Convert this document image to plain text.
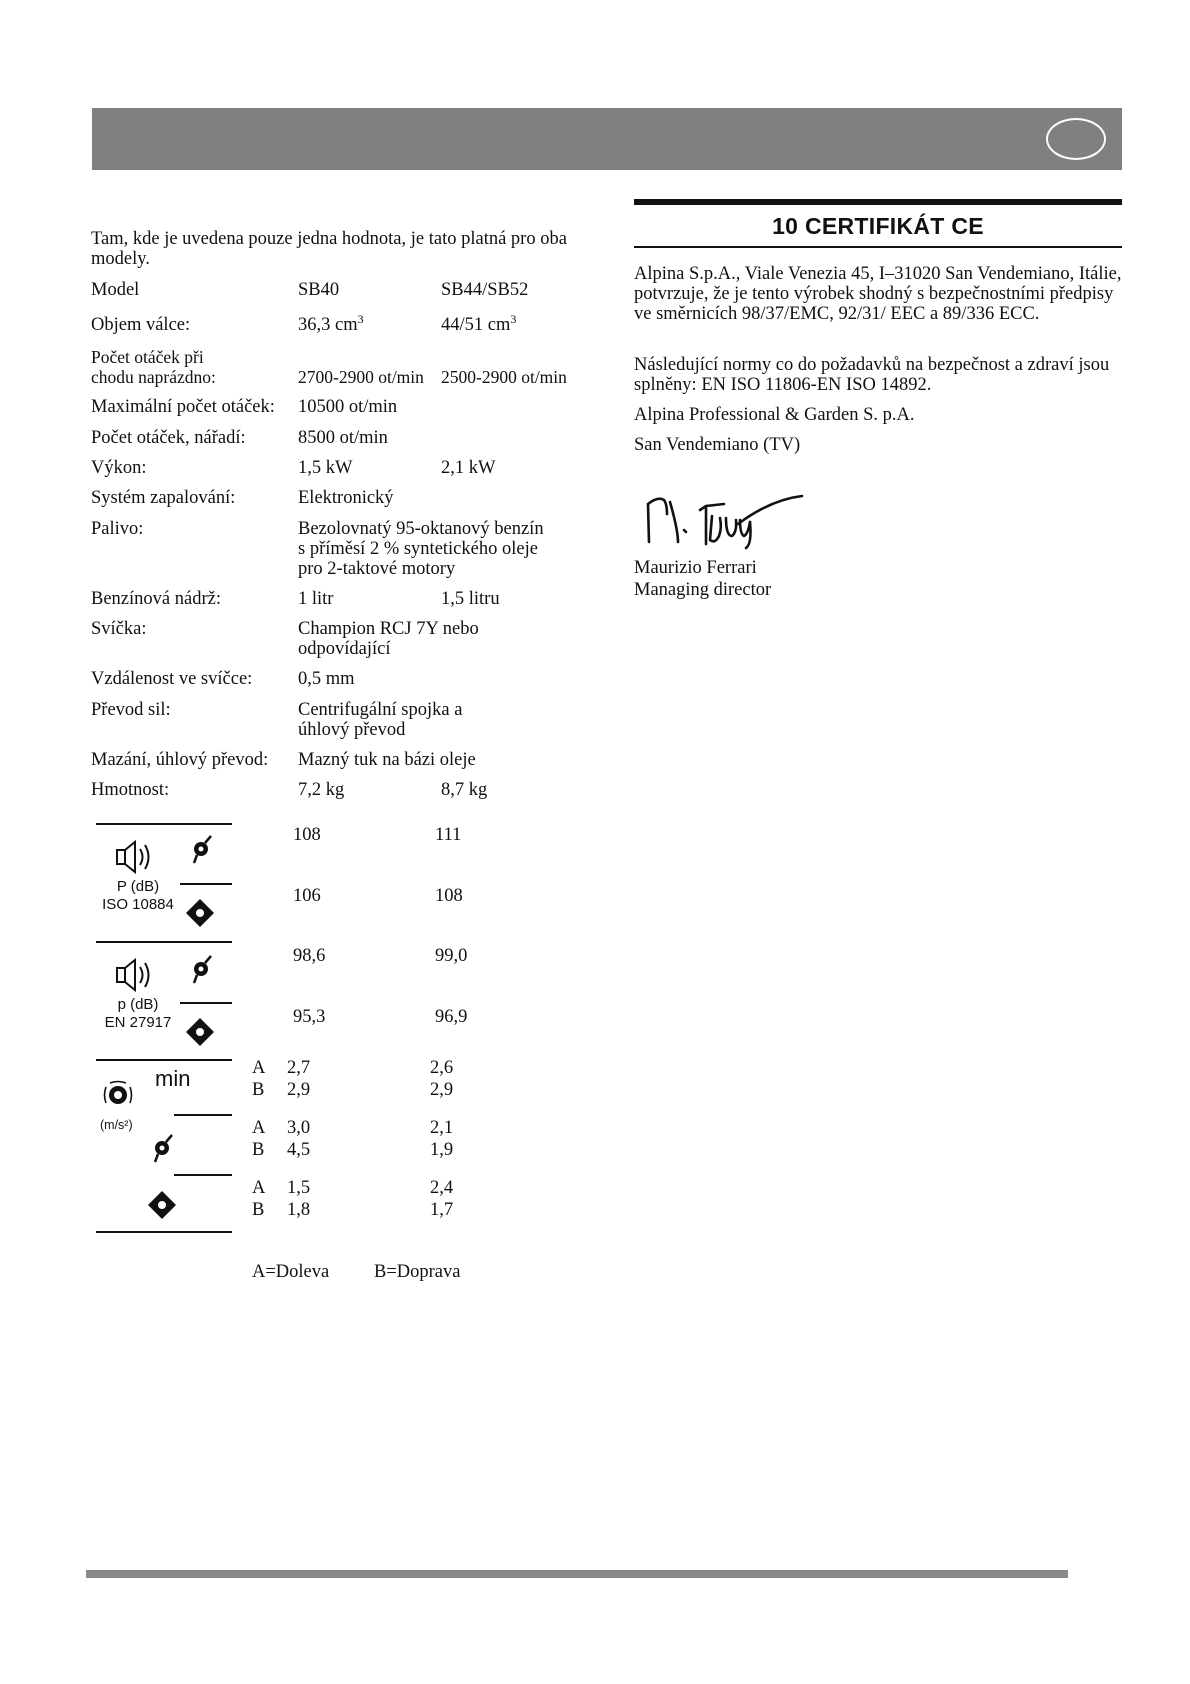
Tam, kde je uvedena pouze jedna hodnota, je tato platná pro oba modely.
Model	SB40	SB44/SB52
Objem válce:	36,3 $cm^3$	44/51 $cm^3$
Počet otáček při
chodu naprázdno:	2700-2900 ot/min 2500-2900 ot/min
Maximální počet otáček: 10500 ot/min
Počet otáček, nářadí:	8500 ot/min
Výkon:	1,5 kW	2,1 kW
Systém zapalování:	Elektronický
Palivo:	Bezolovnatý 95-oktanový benzín
s příměsí 2 % syntetického oleje
pro 2-taktové motory
Benzínová nádrž:	1 litr	1,5 litru
Svíčka:	Champion RCJ 7Y nebo
odpovídající
Vzdálenost ve svíčce: 0,5 mm
Převod sil:	Centrifugální spojka a
úhlový převod
Mazání, úhlový převod: Mazný tuk na bázi oleje
Hmotnost:	7,2 kg	8,7 kg
P (dB)
ISO 10884
p (dB)
EN 27917
min
(m/s²)
108	111
106	108
98,6	99,0
95,3	96,9
A 2,7	2,6
B 2,9	2,9
A 3,0	2,1
B 4,5	1,9
A 1,5	2,4
B 1,8	1,7
A=Doleva B=Doprava
10 CERTIFIKÁT CE
Alpina S.p.A., Viale Venezia 45, I–31020 San Vendemiano, Itálie, potvrzuje, že je tento výrobek shodný s bezpečnostními předpisy ve směrnicích 98/37/EMC, 92/31/ EEC a 89/336 ECC.
Následující normy co do požadavků na bezpečnost a zdraví jsou splněny: EN ISO 11806-EN ISO 14892.
Alpina Professional & Garden S. p.A.
San Vendemiano (TV)
Maurizio Ferrari
Managing director
